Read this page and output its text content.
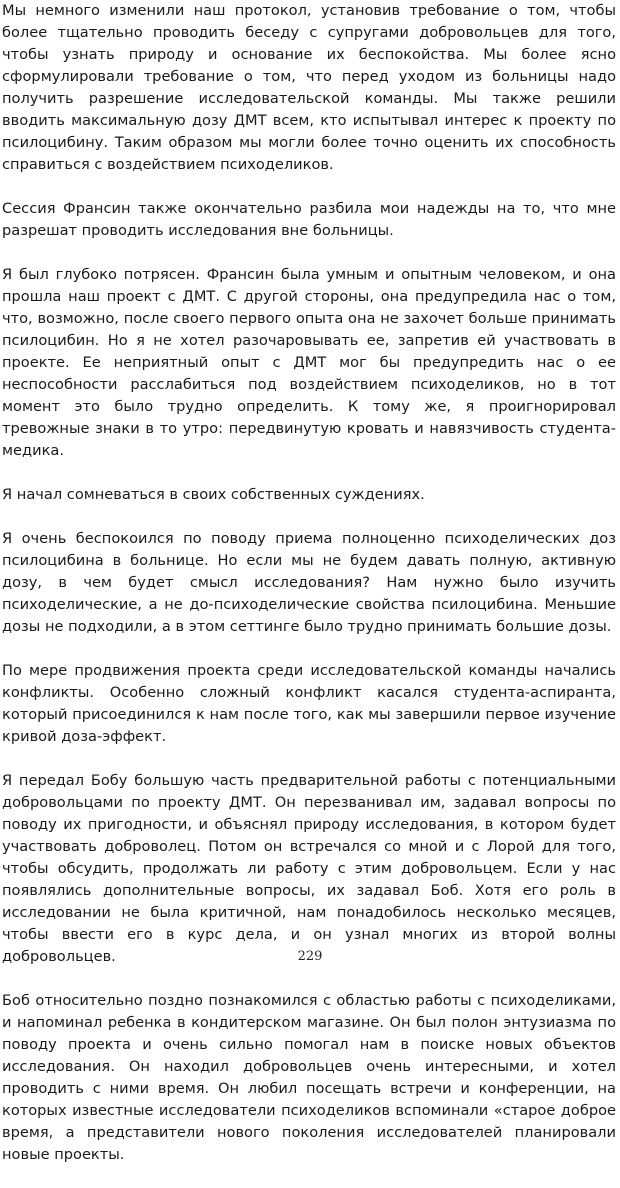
Мы немного изменили наш протокол, установив требование о том, чтобы более тщательно проводить беседу с супругами добровольцев для того, чтобы узнать природу и основание их беспокойства. Мы более ясно сформулировали требование о том, что перед уходом из больницы надо получить разрешение исследовательской команды. Мы также решили вводить максимальную дозу ДМТ всем, кто испытывал интерес к проекту по псилоцибину. Таким образом мы могли более точно оценить их способность справиться с воздействием психоделиков.

Сессия Франсин также окончательно разбила мои надежды на то, что мне разрешат проводить исследования вне больницы.

Я был глубоко потрясен. Франсин была умным и опытным человеком, и она прошла наш проект с ДМТ. С другой стороны, она предупредила нас о том, что, возможно, после своего первого опыта она не захочет больше принимать псилоцибин. Но я не хотел разочаровывать ее, запретив ей участвовать в проекте. Ее неприятный опыт с ДМТ мог бы предупредить нас о ее неспособности расслабиться под воздействием психоделиков, но в тот момент это было трудно определить. К тому же, я проигнорировал тревожные знаки в то утро: передвинутую кровать и навязчивость студента-медика.

Я начал сомневаться в своих собственных суждениях.

Я очень беспокоился по поводу приема полноценно психоделических доз псилоцибина в больнице. Но если мы не будем давать полную, активную дозу, в чем будет смысл исследования? Нам нужно было изучить психоделические, а не до-психоделические свойства псилоцибина. Меньшие дозы не подходили, а в этом сеттинге было трудно принимать большие дозы.

По мере продвижения проекта среди исследовательской команды начались конфликты. Особенно сложный конфликт касался студента-аспиранта, который присоединился к нам после того, как мы завершили первое изучение кривой доза-эффект.

Я передал Бобу большую часть предварительной работы с потенциальными добровольцами по проекту ДМТ. Он перезванивал им, задавал вопросы по поводу их пригодности, и объяснял природу исследования, в котором будет участвовать доброволец. Потом он встречался со мной и с Лорой для того, чтобы обсудить, продолжать ли работу с этим добровольцем. Если у нас появлялись дополнительные вопросы, их задавал Боб. Хотя его роль в исследовании не была критичной, нам понадобилось несколько месяцев, чтобы ввести его в курс дела, и он узнал многих из второй волны добровольцев.

Боб относительно поздно познакомился с областью работы с психоделиками, и напоминал ребенка в кондитерском магазине. Он был полон энтузиазма по поводу проекта и очень сильно помогал нам в поиске новых объектов исследования. Он находил добровольцев очень интересными, и хотел проводить с ними время. Он любил посещать встречи и конференции, на которых известные исследователи психоделиков вспоминали «старое доброе время, а представители нового поколения исследователей планировали новые проекты.

229
